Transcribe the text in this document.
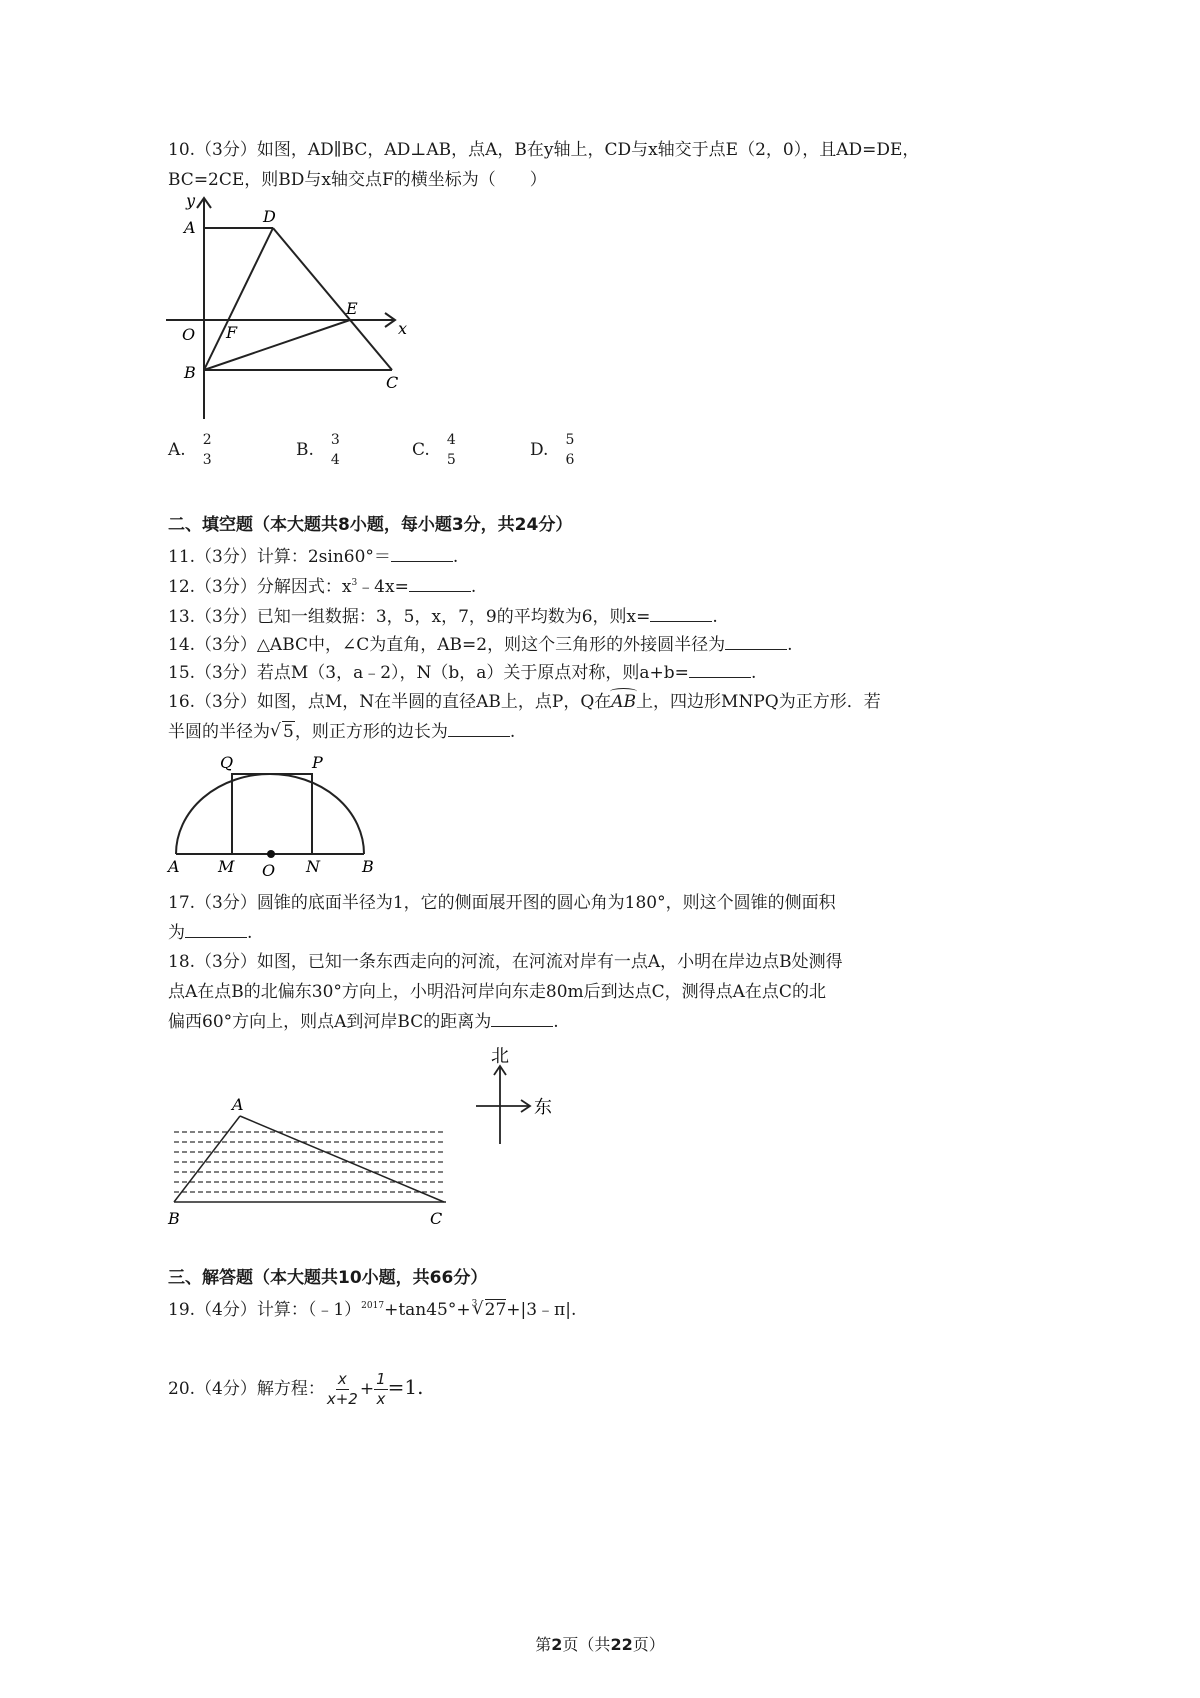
10.（3分）如图，AD∥BC，AD⊥AB，点A，B在y轴上，CD与x轴交于点E（2，0），且AD=DE，
BC=2CE，则BD与x轴交点F的横坐标为（　　）
y
x
A
D
E
O F
B
C
A. 2
3	B. 3
4	C. 4
5	D. 5
6
二、填空题（本大题共8小题，每小题3分，共24分）
11.（3分）计算：2sin60°＝	.
12.（3分）分解因式：$x^3﹣4x=$	.
13.（3分）已知一组数据：3，5，x，7，9的平均数为6，则x=	.
14.（3分）△ABC中，∠C为直角，AB=2，则这个三角形的外接圆半径为	.
15.（3分）若点M（3，a﹣2），N（b，a）关于原点对称，则a+b=	.
16.（3分）如图，点M，N在半圆的直径AB上，点P，Q在AB上，四边形MNPQ为正方形．若
半圆的半径为 √ 5，则正方形的边长为	.
Q	P
A M O N	B
17.（3分）圆锥的底面半径为1，它的侧面展开图的圆心角为180°，则这个圆锥的侧面积
为	.
18.（3分）如图，已知一条东西走向的河流，在河流对岸有一点A，小明在岸边点B处测得
点A在点B的北偏东30°方向上，小明沿河岸向东走80m后到达点C，测得点A在点C的北
偏西60°方向上，则点A到河岸BC的距离为	.
A
B	C
北
东
三、解答题（本大题共10小题，共66分）
19.（4分）计算：（﹣1）$^{2017}$+tan45°+ √ 3 27+|3﹣π|.
20.（4分）解方程： $\frac{x}{x+2} + \frac{1}{x} =1$.
第2页（共22页）
